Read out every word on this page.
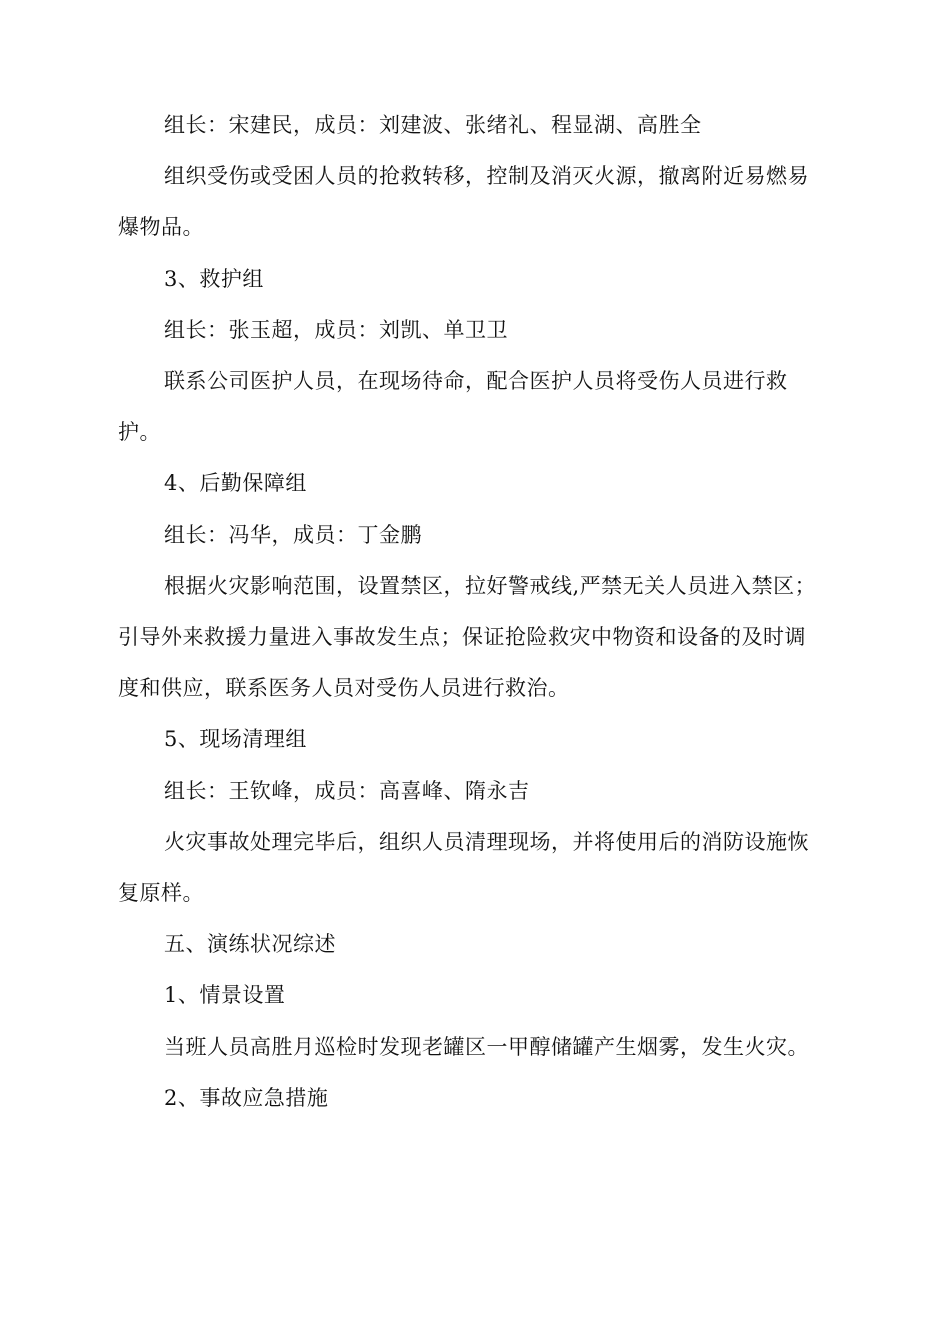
组长：宋建民，成员：刘建波、张绪礼、程显湖、高胜全

组织受伤或受困人员的抢救转移，控制及消灭火源，撤离附近易燃易爆物品。

3、救护组

组长：张玉超，成员：刘凯、单卫卫

联系公司医护人员，在现场待命，配合医护人员将受伤人员进行救护。

4、后勤保障组

组长：冯华，成员：丁金鹏

根据火灾影响范围，设置禁区，拉好警戒线,严禁无关人员进入禁区；引导外来救援力量进入事故发生点；保证抢险救灾中物资和设备的及时调度和供应，联系医务人员对受伤人员进行救治。

5、现场清理组

组长：王钦峰，成员：高喜峰、隋永吉

火灾事故处理完毕后，组织人员清理现场，并将使用后的消防设施恢复原样。

五、演练状况综述

1、情景设置

当班人员高胜月巡检时发现老罐区一甲醇储罐产生烟雾，发生火灾。

2、事故应急措施
